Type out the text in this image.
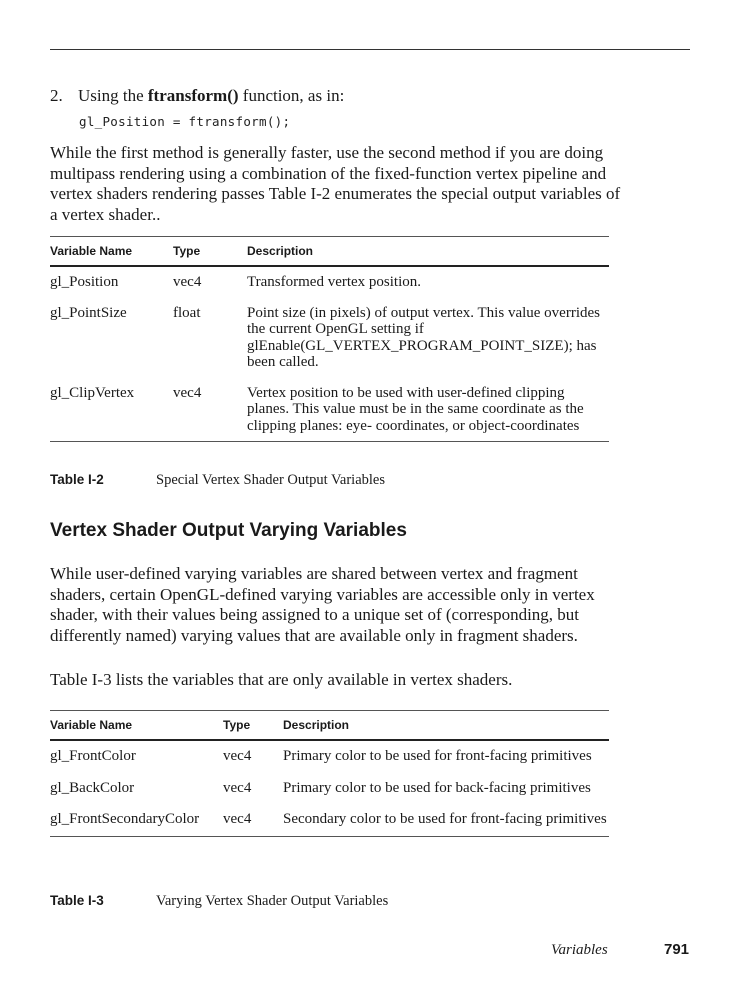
2. Using the ftransform() function, as in:
gl_Position = ftransform();

While the first method is generally faster, use the second method if you are doing multipass rendering using a combination of the fixed-function vertex pipeline and vertex shaders rendering passes Table I-2 enumerates the special output variables of a vertex shader..

Variable Name	Type	Description
gl_Position	vec4	Transformed vertex position.
gl_PointSize	float	Point size (in pixels) of output vertex. This value overrides the current OpenGL setting if glEnable(GL_VERTEX_PROGRAM_POINT_SIZE); has been called.
gl_ClipVertex	vec4	Vertex position to be used with user-defined clipping planes. This value must be in the same coordinate as the clipping planes: eye- coordinates, or object-coordinates
Table I-2	Special Vertex Shader Output Variables
Vertex Shader Output Varying Variables

While user-defined varying variables are shared between vertex and fragment shaders, certain OpenGL-defined varying variables are accessible only in vertex shader, with their values being assigned to a unique set of (corresponding, but differently named) varying values that are available only in fragment shaders.

Table I-3 lists the variables that are only available in vertex shaders.

Variable Name	Type	Description
gl_FrontColor	vec4	Primary color to be used for front-facing primitives
gl_BackColor	vec4	Primary color to be used for back-facing primitives
gl_FrontSecondaryColor	vec4	Secondary color to be used for front-facing primitives
Table I-3	Varying Vertex Shader Output Variables
Variables	791
